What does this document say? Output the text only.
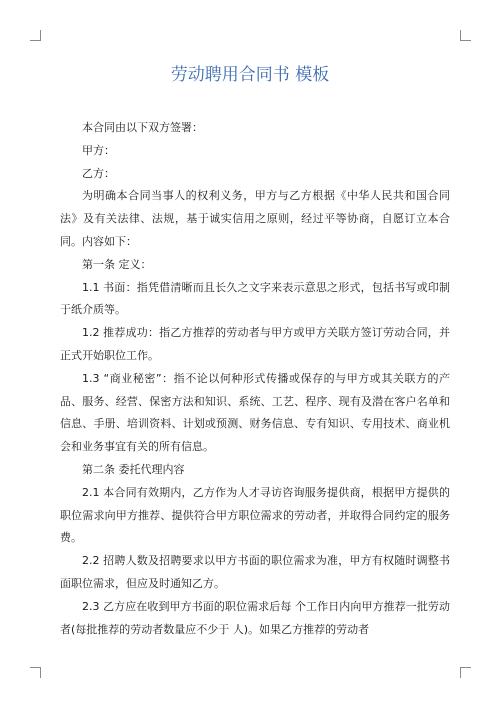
劳动聘用合同书 模板

本合同由以下双方签署：

甲方：

乙方：

为明确本合同当事人的权利义务，甲方与乙方根据《中华人民共和国合同法》及有关法律、法规，基于诚实信用之原则，经过平等协商，自愿订立本合同。内容如下：

第一条 定义：

1.1 书面：指凭借清晰而且长久之文字来表示意思之形式，包括书写或印制于纸介质等。

1.2 推荐成功：指乙方推荐的劳动者与甲方或甲方关联方签订劳动合同，并正式开始职位工作。

1.3 “商业秘密”：指不论以何种形式传播或保存的与甲方或其关联方的产品、服务、经营、保密方法和知识、系统、工艺、程序、现有及潜在客户名单和信息、手册、培训资料、计划或预测、财务信息、专有知识、专用技术、商业机会和业务事宜有关的所有信息。

第二条 委托代理内容

2.1 本合同有效期内，乙方作为人才寻访咨询服务提供商，根据甲方提供的职位需求向甲方推荐、提供符合甲方职位需求的劳动者，并取得合同约定的服务费。

2.2 招聘人数及招聘要求以甲方书面的职位需求为准，甲方有权随时调整书面职位需求，但应及时通知乙方。

2.3 乙方应在收到甲方书面的职位需求后每 个工作日内向甲方推荐一批劳动者(每批推荐的劳动者数量应不少于 人)。如果乙方推荐的劳动者
